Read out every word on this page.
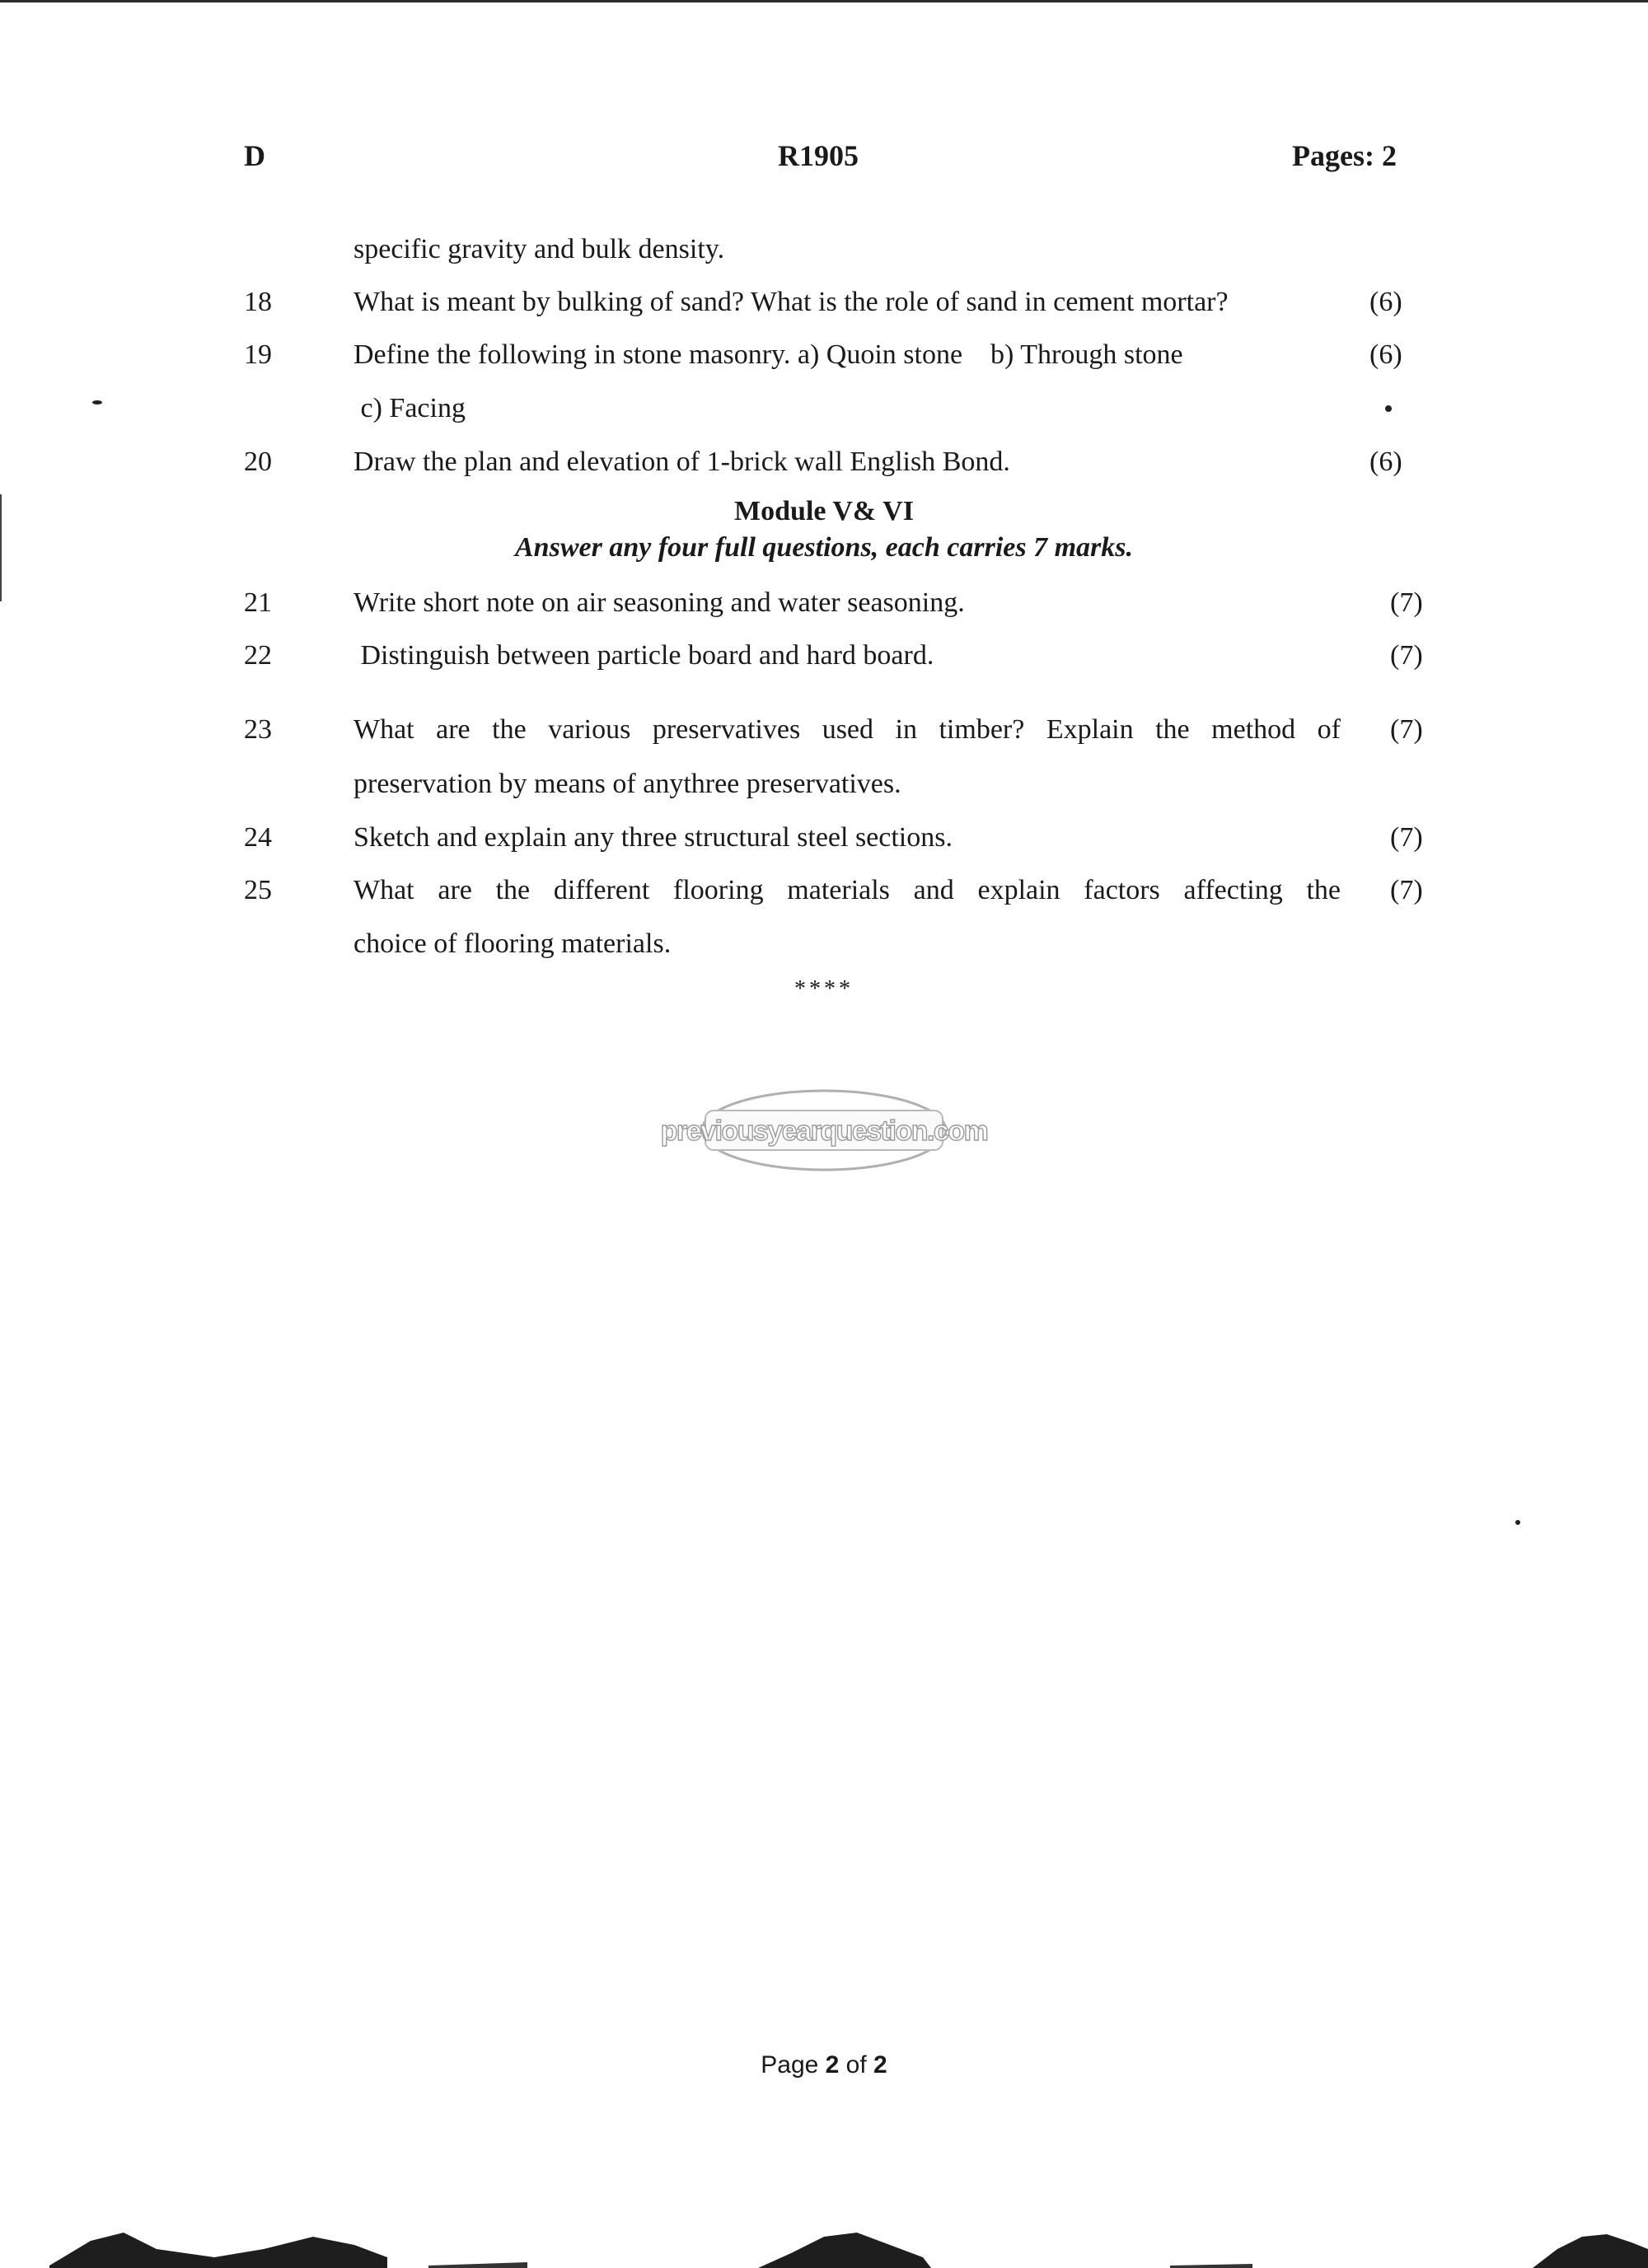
D	R1905	Pages: 2
specific gravity and bulk density.
18	What is meant by bulking of sand? What is the role of sand in cement mortar?	(6)
19	Define the following in stone masonry. a) Quoin stone    b) Through stone	(6)
c) Facing
20	Draw the plan and elevation of 1-brick wall English Bond.	(6)
Module V& VI
Answer any four full questions, each carries 7 marks.
21	Write short note on air seasoning and water seasoning.	(7)
22	Distinguish between particle board and hard board.	(7)
23	What are the various preservatives used in timber? Explain the method of (7)
preservation by means of anythree preservatives.
24	Sketch and explain any three structural steel sections.	(7)
25	What are the different flooring materials and explain factors affecting the (7)
choice of flooring materials.
****
previousyearquestion.com
Page 2 of 2
